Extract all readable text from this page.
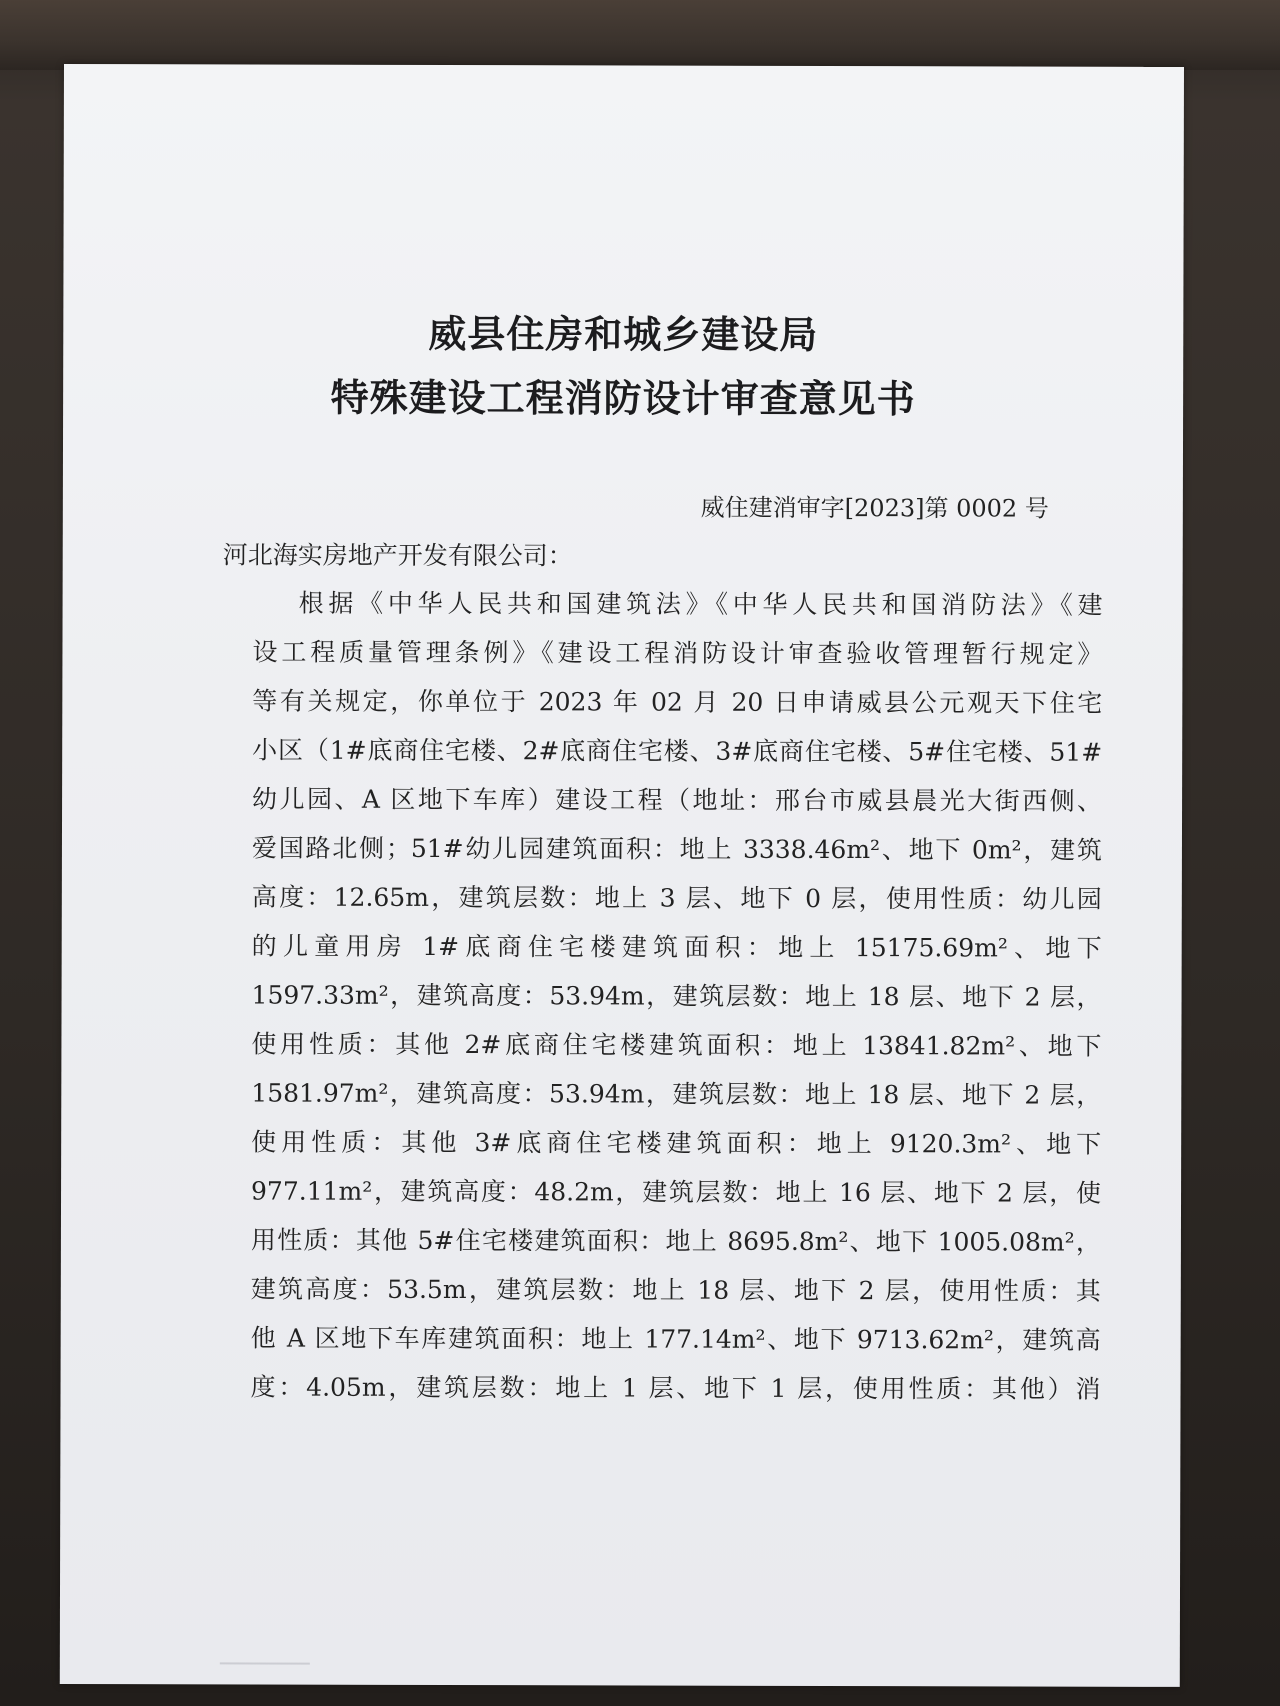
威县住房和城乡建设局
特殊建设工程消防设计审查意见书
威住建消审字[2023]第 0002 号
河北海实房地产开发有限公司：
根据《中华人民共和国建筑法》《中华人民共和国消防法》《建
设工程质量管理条例》《建设工程消防设计审查验收管理暂行规定》
等有关规定，你单位于 2023 年 02 月 20 日申请威县公元观天下住宅
小区（1#底商住宅楼、2#底商住宅楼、3#底商住宅楼、5#住宅楼、51#
幼儿园、A 区地下车库）建设工程（地址：邢台市威县晨光大街西侧、
爱国路北侧；51#幼儿园建筑面积：地上 3338.46m²、地下 0m²，建筑
高度：12.65m，建筑层数：地上 3 层、地下 0 层，使用性质：幼儿园
的儿童用房 1#底商住宅楼建筑面积：地上 15175.69m²、地下
1597.33m²，建筑高度：53.94m，建筑层数：地上 18 层、地下 2 层，
使用性质：其他 2#底商住宅楼建筑面积：地上 13841.82m²、地下
1581.97m²，建筑高度：53.94m，建筑层数：地上 18 层、地下 2 层，
使用性质：其他 3#底商住宅楼建筑面积：地上 9120.3m²、地下
977.11m²，建筑高度：48.2m，建筑层数：地上 16 层、地下 2 层，使
用性质：其他 5#住宅楼建筑面积：地上 8695.8m²、地下 1005.08m²，
建筑高度：53.5m，建筑层数：地上 18 层、地下 2 层，使用性质：其
他 A 区地下车库建筑面积：地上 177.14m²、地下 9713.62m²，建筑高
度：4.05m，建筑层数：地上 1 层、地下 1 层，使用性质：其他）消
